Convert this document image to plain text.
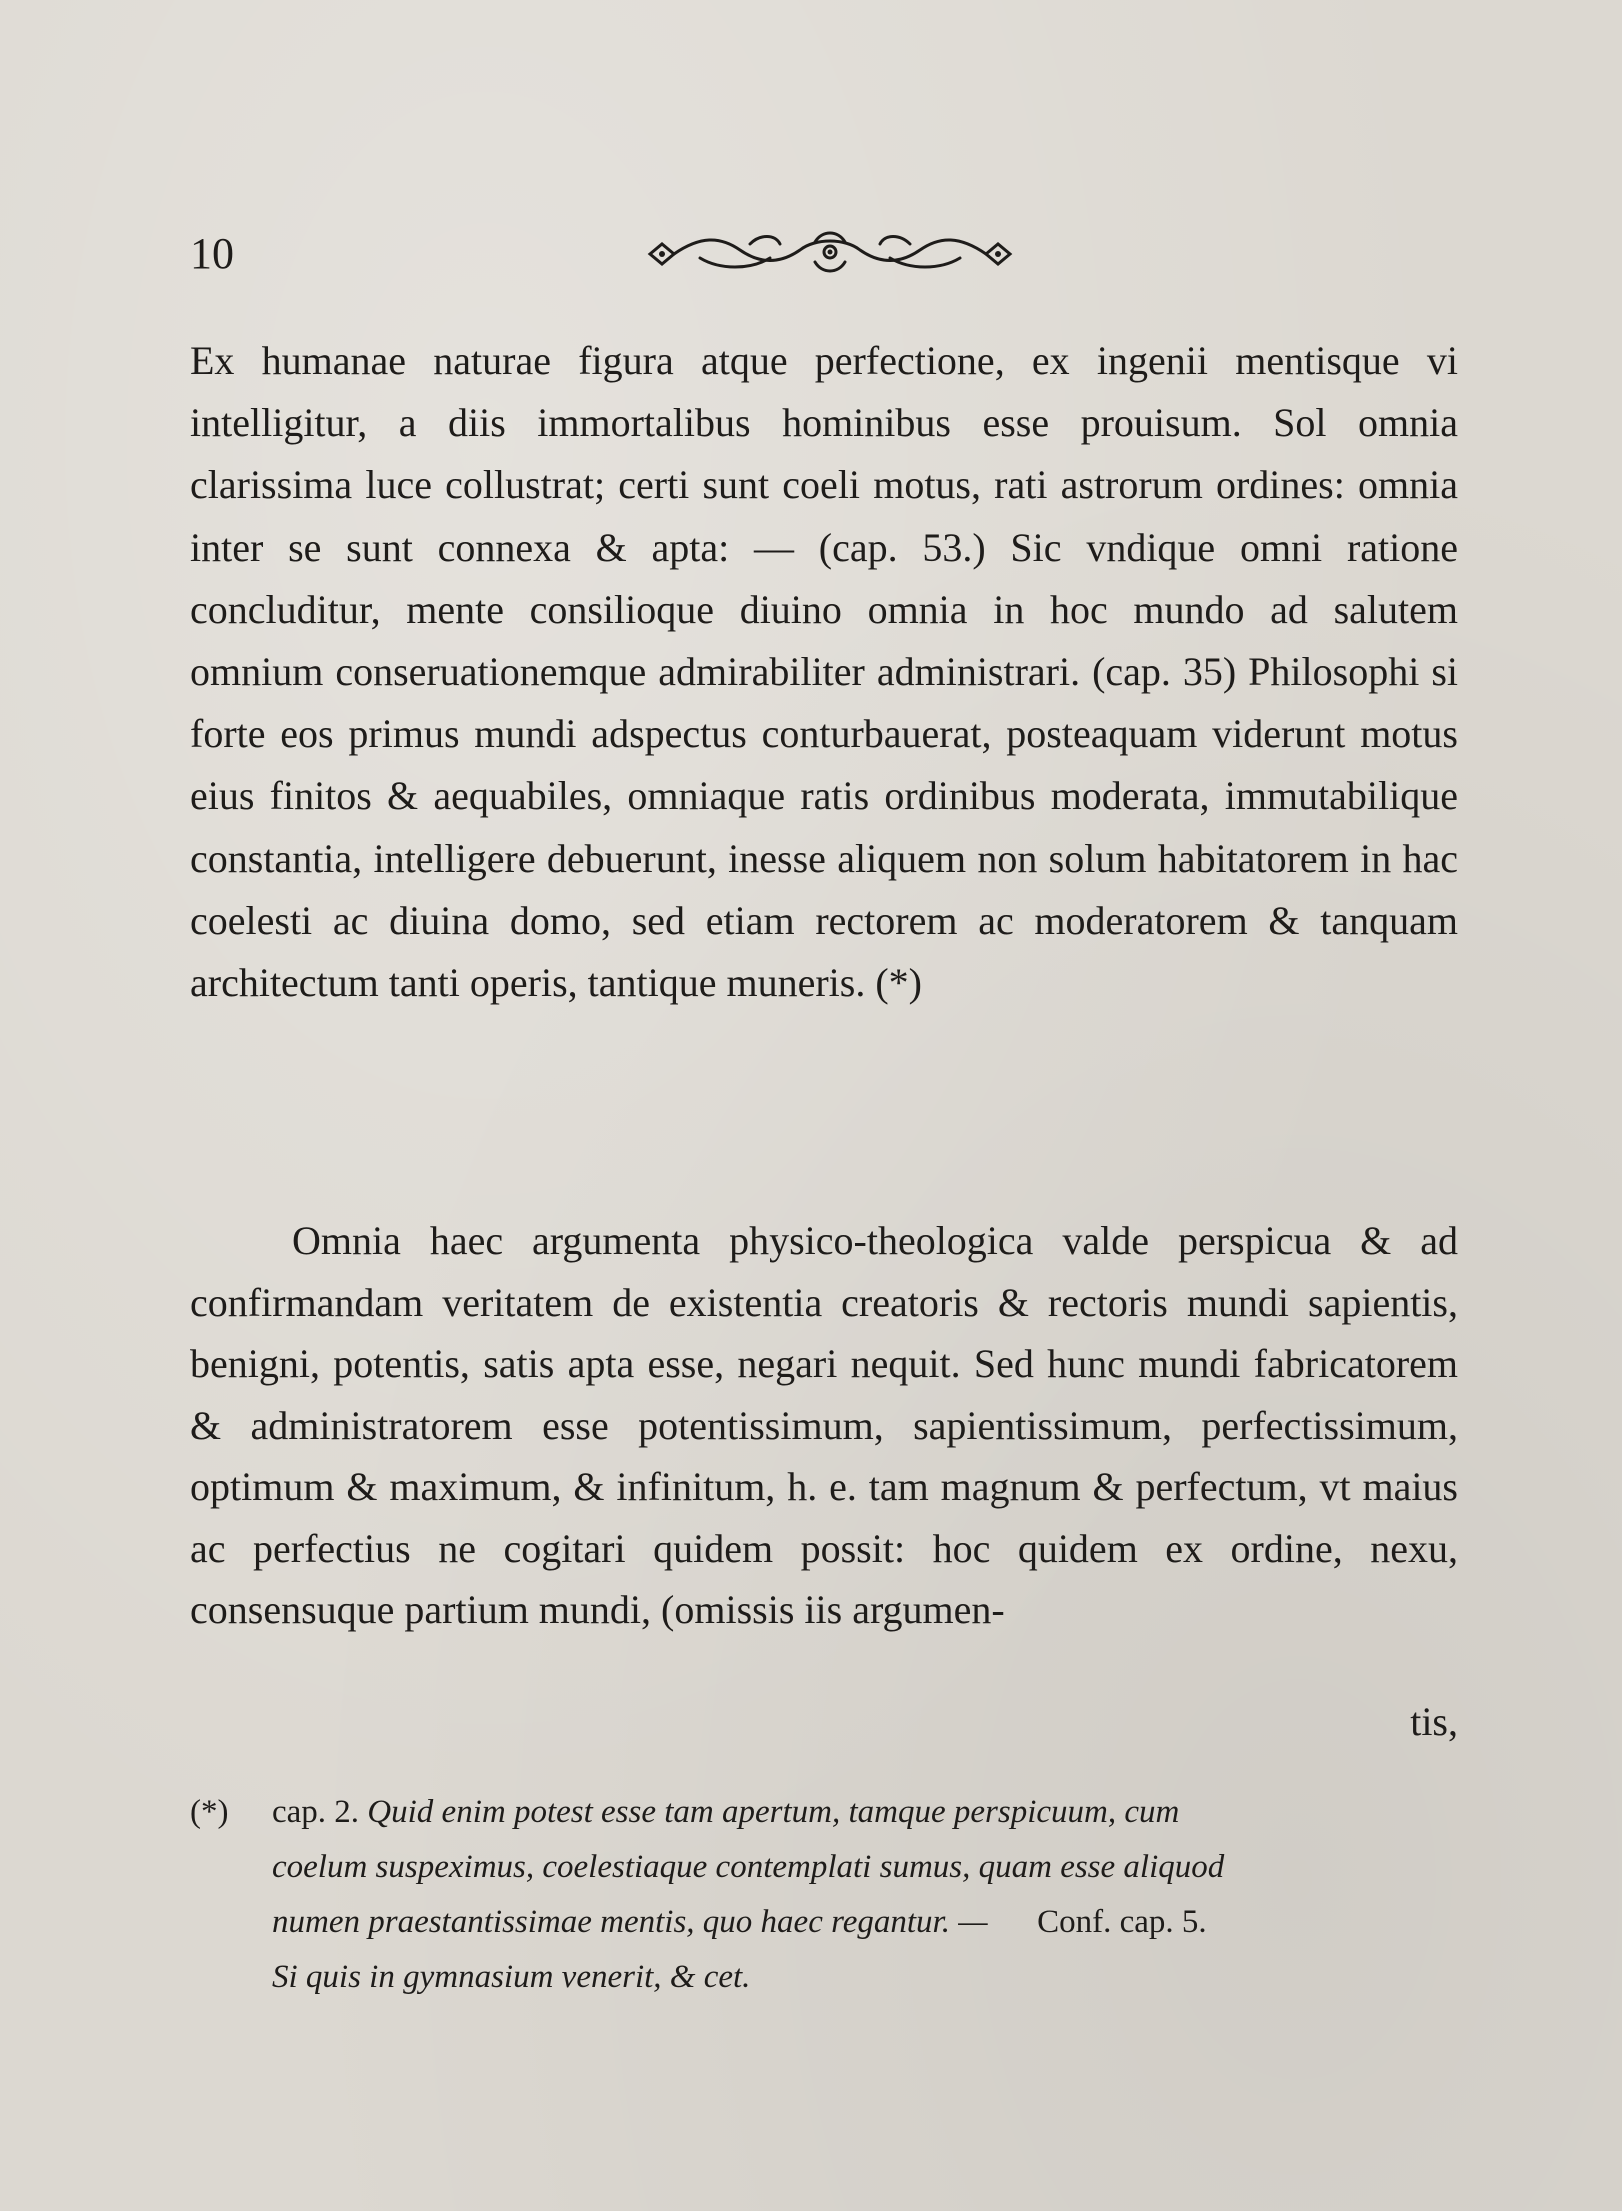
10
Ex humanae naturae figura atque perfectione, ex ingenii mentisque vi intelligitur, a diis immortalibus hominibus esse prouisum. Sol omnia clarissima luce collustrat; certi sunt coeli motus, rati astrorum ordines: omnia inter se sunt connexa & apta: — (cap. 53.) Sic vndique omni ratione concluditur, mente consilioque diuino omnia in hoc mundo ad salutem omnium conseruationemque admirabiliter administrari. (cap. 35) Philosophi si forte eos primus mundi adspectus conturbauerat, posteaquam viderunt motus eius finitos & aequabiles, omniaque ratis ordinibus moderata, immutabilique constantia, intelligere debuerunt, inesse aliquem non solum habitatorem in hac coelesti ac diuina domo, sed etiam rectorem ac moderatorem & tanquam architectum tanti operis, tantique muneris. (*)
Omnia haec argumenta physico-theologica valde perspicua & ad confirmandam veritatem de existentia creatoris & rectoris mundi sapientis, benigni, potentis, satis apta esse, negari nequit. Sed hunc mundi fabricatorem & administratorem esse potentissimum, sapientissimum, perfectissimum, optimum & maximum, & infinitum, h. e. tam magnum & perfectum, vt maius ac perfectius ne cogitari quidem possit: hoc quidem ex ordine, nexu, consensuque partium mundi, (omissis iis argumen-
tis,
(*) cap. 2. Quid enim potest esse tam apertum, tamque perspicuum, cum
coelum suspeximus, coelestiaque contemplati sumus, quam esse aliquod
numen praestantissimae mentis, quo haec regantur. — Conf. cap. 5.
Si quis in gymnasium venerit, & cet.
